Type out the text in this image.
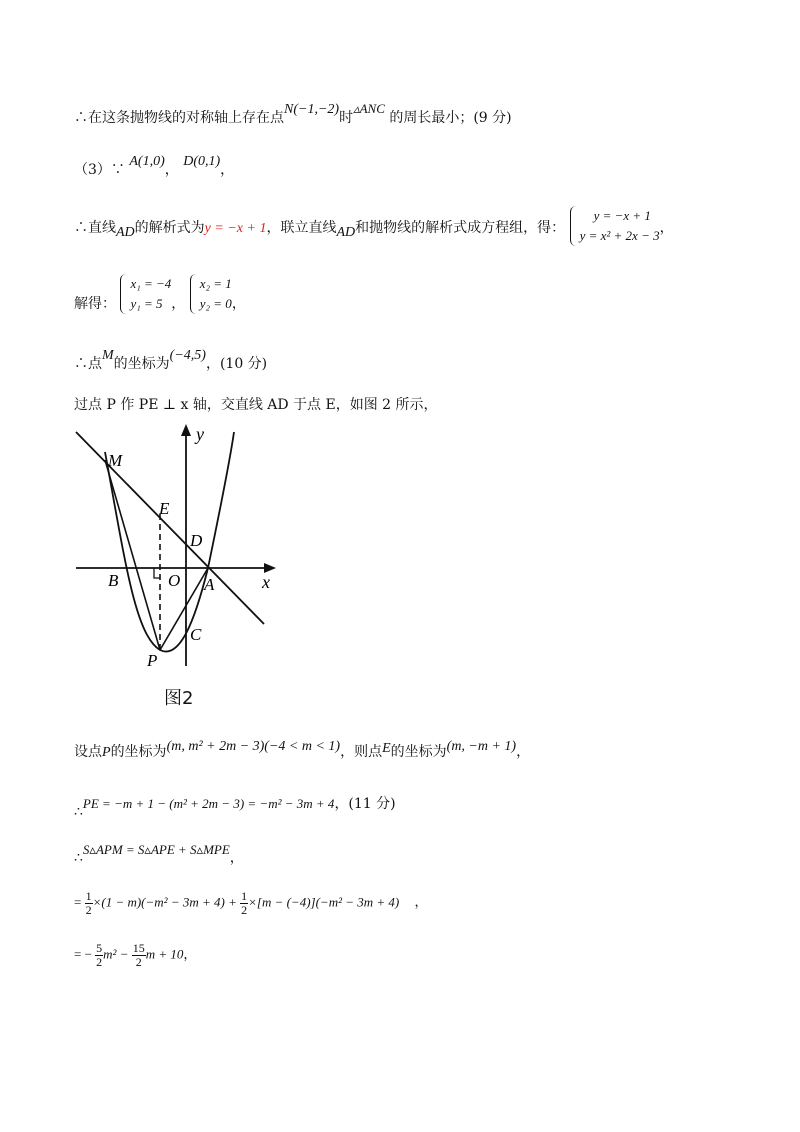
∴在这条抛物线的对称轴上存在点N(−1,−2)时▵ANC 的周长最小；(9 分)
（3）∵ A(1,0)， D(0,1)，
∴直线AD的解析式为y = −x + 1，联立直线AD和抛物线的解析式成方程组，得：
y = −x + 1
y = x² + 2x − 3 ，
解得：
x₁ = −4
y₁ = 5 ，
x₂ = 1
y₂ = 0 ，
∴点M的坐标为(−4,5)，(10 分)
过点 P 作 PE ⊥ x 轴，交直线 AD 于点 E，如图 2 所示，
y
x
M
E
D
B	O A
C
P
图2
设点P的坐标为(m, m² + 2m − 3)(−4 < m < 1)，则点E的坐标为(m, −m + 1)，
∴PE = −m + 1 − (m² + 2m − 3) = −m² − 3m + 4，(11 分)
∴S▵APM = S▵APE + S▵MPE，
= $\frac{1}{2} \times(1 - m)(-m^2 - 3m + 4) + \frac{1}{2} \times[m - (-4)](-m^2 - 3m + 4)$ ，
= − $\frac{5}{2} m^2 - \frac{15}{2}$ m + 10，
